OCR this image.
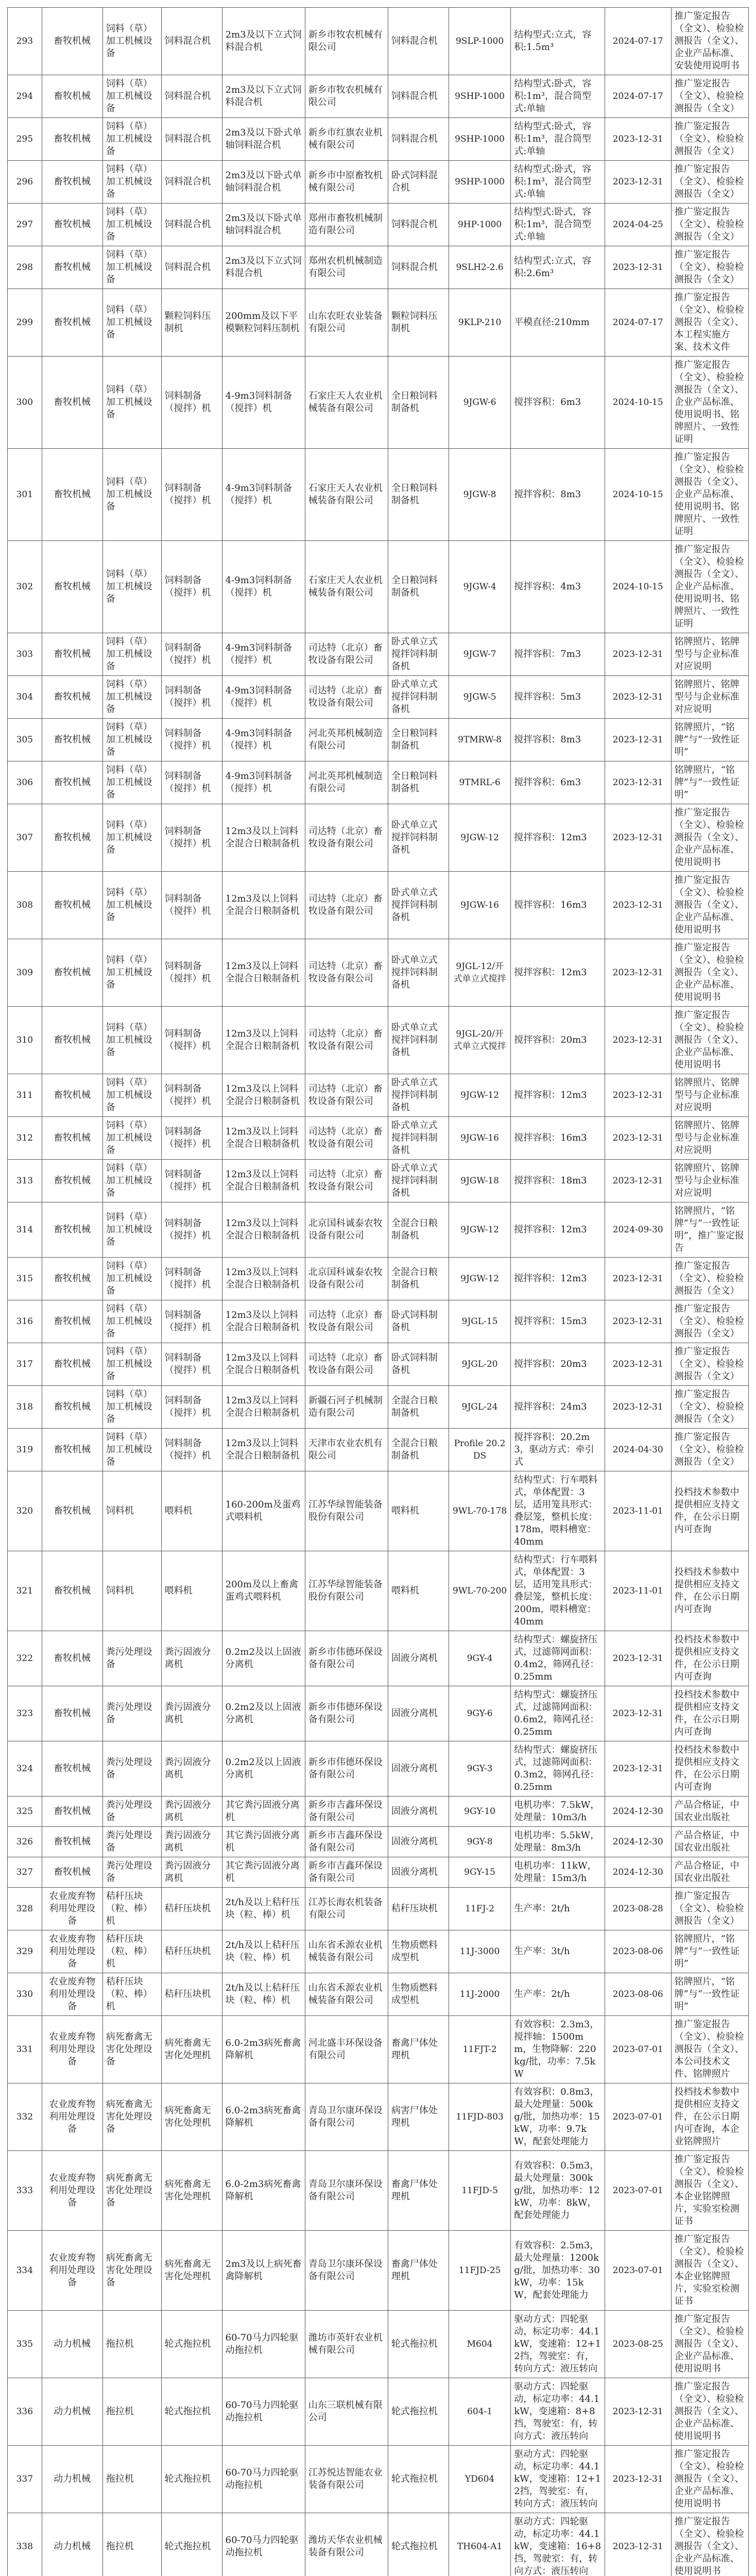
293	畜牧机械	饲料（草）加工机械设备	饲料混合机	2m3及以下立式饲料混合机	新乡市牧农机械有限公司	饲料混合机	9SLP-1000	结构型式:立式，容积:1.5m³	2024-07-17	推广鉴定报告（全文）、检验检测报告（全文）、企业产品标准、安装使用说明书
294	畜牧机械	饲料（草）加工机械设备	饲料混合机	2m3及以下立式饲料混合机	新乡市牧农机械有限公司	饲料混合机	9SHP-1000	结构型式:卧式，容积:1m³，混合筒型式:单轴	2024-07-17	推广鉴定报告（全文）、检验检测报告（全文）
295	畜牧机械	饲料（草）加工机械设备	饲料混合机	2m3及以下卧式单轴饲料混合机	新乡市红旗农业机械有限公司	饲料混合机	9SHP-1000	结构型式:卧式，容积:1m³，混合筒型式:单轴	2023-12-31	推广鉴定报告（全文）、检验检测报告（全文）
296	畜牧机械	饲料（草）加工机械设备	饲料混合机	2m3及以下卧式单轴饲料混合机	新乡市中原畜牧机械有限公司	卧式饲料混合机	9SHP-1000	结构型式:卧式，容积:1m³，混合筒型式:单轴	2023-12-31	推广鉴定报告（全文）、检验检测报告（全文）
297	畜牧机械	饲料（草）加工机械设备	饲料混合机	2m3及以下卧式单轴饲料混合机	郑州市畜牧机械制造有限公司	饲料混合机	9HP-1000	结构型式:卧式，容积:1m³，混合筒型式:单轴	2024-04-25	推广鉴定报告（全文）、检验检测报告（全文）
298	畜牧机械	饲料（草）加工机械设备	饲料混合机	2m3及以下立式饲料混合机	郑州农机机械制造有限公司	饲料混合机	9SLH2-2.6	结构型式:立式，容积:2.6m³	2023-12-31	推广鉴定报告（全文）、检验检测报告（全文）
299	畜牧机械	饲料（草）加工机械设备	颗粒饲料压制机	200mm及以下平模颗粒饲料压制机	山东农旺农业装备有限公司	颗粒饲料压制机	9KLP-210	平模直径:210mm	2024-07-17	推广鉴定报告（全文）、检验检测报告（全文）、本工程实施方案、技术文件
300	畜牧机械	饲料（草）加工机械设备	饲料制备（搅拌）机	4-9m3饲料制备（搅拌）机	石家庄天人农业机械装备有限公司	全日粮饲料制备机	9JGW-6	搅拌容积：6m3	2024-10-15	推广鉴定报告（全文）、检验检测报告（全文）、企业产品标准、使用说明书、铭牌照片、一致性证明
301	畜牧机械	饲料（草）加工机械设备	饲料制备（搅拌）机	4-9m3饲料制备（搅拌）机	石家庄天人农业机械装备有限公司	全日粮饲料制备机	9JGW-8	搅拌容积：8m3	2024-10-15	推广鉴定报告（全文）、检验检测报告（全文）、企业产品标准、使用说明书、铭牌照片、一致性证明
302	畜牧机械	饲料（草）加工机械设备	饲料制备（搅拌）机	4-9m3饲料制备（搅拌）机	石家庄天人农业机械装备有限公司	全日粮饲料制备机	9JGW-4	搅拌容积：4m3	2024-10-15	推广鉴定报告（全文）、检验检测报告（全文）、企业产品标准、使用说明书、铭牌照片、一致性证明
303	畜牧机械	饲料（草）加工机械设备	饲料制备（搅拌）机	4-9m3饲料制备（搅拌）机	司达特（北京）畜牧设备有限公司	卧式单立式搅拌饲料制备机	9JGW-7	搅拌容积：7m3	2023-12-31	铭牌照片、铭牌型号与企业标准对应说明
304	畜牧机械	饲料（草）加工机械设备	饲料制备（搅拌）机	4-9m3饲料制备（搅拌）机	司达特（北京）畜牧设备有限公司	卧式单立式搅拌饲料制备机	9JGW-5	搅拌容积：5m3	2023-12-31	铭牌照片、铭牌型号与企业标准对应说明
305	畜牧机械	饲料（草）加工机械设备	饲料制备（搅拌）机	4-9m3饲料制备（搅拌）机	河北英邦机械制造有限公司	全日粮饲料制备机	9TMRW-8	搅拌容积：8m3	2023-12-31	铭牌照片，“铭牌”与“一致性证明”
306	畜牧机械	饲料（草）加工机械设备	饲料制备（搅拌）机	4-9m3饲料制备（搅拌）机	河北英邦机械制造有限公司	全日粮饲料制备机	9TMRL-6	搅拌容积：6m3	2023-12-31	铭牌照片，“铭牌”与“一致性证明”
307	畜牧机械	饲料（草）加工机械设备	饲料制备（搅拌）机	12m3及以上饲料全混合日粮制备机	司达特（北京）畜牧设备有限公司	卧式单立式搅拌饲料制备机	9JGW-12	搅拌容积：12m3	2023-12-31	推广鉴定报告（全文）、检验检测报告（全文）、企业产品标准、使用说明书
308	畜牧机械	饲料（草）加工机械设备	饲料制备（搅拌）机	12m3及以上饲料全混合日粮制备机	司达特（北京）畜牧设备有限公司	卧式单立式搅拌饲料制备机	9JGW-16	搅拌容积：16m3	2023-12-31	推广鉴定报告（全文）、检验检测报告（全文）、企业产品标准、使用说明书
309	畜牧机械	饲料（草）加工机械设备	饲料制备（搅拌）机	12m3及以上饲料全混合日粮制备机	司达特（北京）畜牧设备有限公司	卧式单立式搅拌饲料制备机	9JGL-12/开式单立式搅拌	搅拌容积：12m3	2023-12-31	推广鉴定报告（全文）、检验检测报告（全文）、企业产品标准、使用说明书
310	畜牧机械	饲料（草）加工机械设备	饲料制备（搅拌）机	12m3及以上饲料全混合日粮制备机	司达特（北京）畜牧设备有限公司	卧式单立式搅拌饲料制备机	9JGL-20/开式单立式搅拌	搅拌容积：20m3	2023-12-31	推广鉴定报告（全文）、检验检测报告（全文）、企业产品标准、使用说明书
311	畜牧机械	饲料（草）加工机械设备	饲料制备（搅拌）机	12m3及以上饲料全混合日粮制备机	司达特（北京）畜牧设备有限公司	卧式单立式搅拌饲料制备机	9JGW-12	搅拌容积：12m3	2023-12-31	铭牌照片、铭牌型号与企业标准对应说明
312	畜牧机械	饲料（草）加工机械设备	饲料制备（搅拌）机	12m3及以上饲料全混合日粮制备机	司达特（北京）畜牧设备有限公司	卧式单立式搅拌饲料制备机	9JGW-16	搅拌容积：16m3	2023-12-31	铭牌照片、铭牌型号与企业标准对应说明
313	畜牧机械	饲料（草）加工机械设备	饲料制备（搅拌）机	12m3及以上饲料全混合日粮制备机	司达特（北京）畜牧设备有限公司	卧式单立式搅拌饲料制备机	9JGW-18	搅拌容积：18m3	2023-12-31	铭牌照片、铭牌型号与企业标准对应说明
314	畜牧机械	饲料（草）加工机械设备	饲料制备（搅拌）机	12m3及以上饲料全混合日粮制备机	北京国科诚泰农牧设备有限公司	全混合日粮制备机	9JGW-12	搅拌容积：12m3	2024-09-30	铭牌照片，“铭牌”与“一致性证明”，推广鉴定报告
315	畜牧机械	饲料（草）加工机械设备	饲料制备（搅拌）机	12m3及以上饲料全混合日粮制备机	北京国科诚泰农牧设备有限公司	全混合日粮制备机	9JGW-12	搅拌容积：12m3	2023-12-31	推广鉴定报告（全文）、检验检测报告（全文）
316	畜牧机械	饲料（草）加工机械设备	饲料制备（搅拌）机	12m3及以上饲料全混合日粮制备机	司达特（北京）畜牧设备有限公司	卧式饲料制备机	9JGL-15	搅拌容积：15m3	2023-12-31	推广鉴定报告（全文）、检验检测报告（全文）
317	畜牧机械	饲料（草）加工机械设备	饲料制备（搅拌）机	12m3及以上饲料全混合日粮制备机	司达特（北京）畜牧设备有限公司	卧式饲料制备机	9JGL-20	搅拌容积：20m3	2023-12-31	推广鉴定报告（全文）、检验检测报告（全文）
318	畜牧机械	饲料（草）加工机械设备	饲料制备（搅拌）机	12m3及以上饲料全混合日粮制备机	新疆石河子机械制造有限公司	全混合日粮制备机	9JGL-24	搅拌容积：24m3	2023-12-31	推广鉴定报告（全文）、检验检测报告（全文）
319	畜牧机械	饲料（草）加工机械设备	饲料制备（搅拌）机	12m3及以上饲料全混合日粮制备机	天津市农业农机有限公司	全混合日粮制备机	Profile 20.2 DS	搅拌容积：20.2m3，驱动方式：牵引式	2024-04-30	推广鉴定报告（全文）、检验检测报告（全文）
320	畜牧机械	饲料机	喂料机	160-200m及蛋鸡式喂料机	江苏华绿智能装备股份有限公司	喂料机	9WL-70-178	结构型式：行车喂料式，单体配置：3层，适用笼具形式：叠层笼，整机长度：178m，喂料槽宽：40mm	2023-11-01	投档技术参数中提供相应支持文件，在公示日期内可查询
321	畜牧机械	饲料机	喂料机	200m及以上畜禽蛋鸡式喂料机	江苏华绿智能装备股份有限公司	喂料机	9WL-70-200	结构型式：行车喂料式，单体配置：3层，适用笼具形式：叠层笼，整机长度：200m，喂料槽宽：40mm	2023-11-01	投档技术参数中提供相应支持文件，在公示日期内可查询
322	畜牧机械	粪污处理设备	粪污固液分离机	0.2m2及以上固液分离机	新乡市伟德环保设备有限公司	固液分离机	9GY-4	结构型式：螺旋挤压式，过滤筛网面积：0.4m2，筛网孔径：0.25mm	2023-12-31	投档技术参数中提供相应支持文件，在公示日期内可查询
323	畜牧机械	粪污处理设备	粪污固液分离机	0.2m2及以上固液分离机	新乡市伟德环保设备有限公司	固液分离机	9GY-6	结构型式：螺旋挤压式，过滤筛网面积：0.6m2，筛网孔径：0.25mm	2023-12-31	投档技术参数中提供相应支持文件，在公示日期内可查询
324	畜牧机械	粪污处理设备	粪污固液分离机	0.2m2及以上固液分离机	新乡市伟德环保设备有限公司	固液分离机	9GY-3	结构型式：螺旋挤压式，过滤筛网面积：0.3m2，筛网孔径：0.25mm	2023-12-31	投档技术参数中提供相应支持文件，在公示日期内可查询
325	畜牧机械	粪污处理设备	粪污固液分离机	其它粪污固液分离机	新乡市吉鑫环保设备有限公司	固液分离机	9GY-10	电机功率：7.5kW，处理量：10m3/h	2024-12-30	产品合格证，中国农业出版社
326	畜牧机械	粪污处理设备	粪污固液分离机	其它粪污固液分离机	新乡市吉鑫环保设备有限公司	固液分离机	9GY-8	电机功率：5.5kW，处理量：8m3/h	2024-12-30	产品合格证，中国农业出版社
327	畜牧机械	粪污处理设备	粪污固液分离机	其它粪污固液分离机	新乡市吉鑫环保设备有限公司	固液分离机	9GY-15	电机功率：11kW，处理量：15m3/h	2024-12-30	产品合格证，中国农业出版社
328	农业废弃物利用处理设备	秸秆压块（粒、棒）机	秸秆压块机	2t/h及以上秸秆压块（粒、棒）机	江苏长海农机装备有限公司	秸秆压块机	11FJ-2	生产率：2t/h	2023-08-28	推广鉴定报告（全文）、检验检测报告（全文）
329	农业废弃物利用处理设备	秸秆压块（粒、棒）机	秸秆压块机	2t/h及以上秸秆压块（粒、棒）机	山东省禾源农业机械装备有限公司	生物质燃料成型机	11J-3000	生产率：3t/h	2023-08-06	铭牌照片，“铭牌”与“一致性证明”
330	农业废弃物利用处理设备	秸秆压块（粒、棒）机	秸秆压块机	2t/h及以上秸秆压块（粒、棒）机	山东省禾源农业机械装备有限公司	生物质燃料成型机	11J-2000	生产率：2t/h	2023-08-06	铭牌照片，“铭牌”与“一致性证明”
331	农业废弃物利用处理设备	病死畜禽无害化处理设备	病死畜禽无害化处理机	6.0-2m3病死畜禽降解机	河北盛丰环保设备有限公司	畜禽尸体处理机	11FJT-2	有效容积：2.3m3，搅拌轴：1500mm，生物降解：220kg/批，功率：7.5kW	2023-07-01	推广鉴定报告（全文）、检验检测报告（全文）、本公司技术文件、铭牌照片
332	农业废弃物利用处理设备	病死畜禽无害化处理设备	病死畜禽无害化处理机	6.0-2m3病死畜禽降解机	青岛卫尔康环保设备有限公司	病害尸体处理机	11FJD-803	有效容积：0.8m3，最大处理量：500kg/批，加热功率：15kW，功率：9.7kW，配套处理能力	2023-07-01	投档技术参数中提供相应支持文件，在公示日期内可查询，本企业铭牌照片
333	农业废弃物利用处理设备	病死畜禽无害化处理设备	病死畜禽无害化处理机	6.0-2m3病死畜禽降解机	青岛卫尔康环保设备有限公司	畜禽尸体处理机	11FJD-5	有效容积：0.5m3，最大处理量：300kg/批，加热功率：12kW，功率：8kW，配套处理能力	2023-07-01	推广鉴定报告（全文）、检验检测报告（全文）、本企业铭牌照片，实验室检测证书
334	农业废弃物利用处理设备	病死畜禽无害化处理设备	病死畜禽无害化处理机	2m3及以上病死畜禽降解机	青岛卫尔康环保设备有限公司	畜禽尸体处理机	11FJD-25	有效容积：2.5m3，最大处理量：1200kg/批，加热功率：30kW，功率：15kW，配套处理能力	2023-07-01	推广鉴定报告（全文）、检验检测报告（全文）、本企业铭牌照片，实验室检测证书
335	动力机械	拖拉机	轮式拖拉机	60-70马力四轮驱动拖拉机	潍坊市英轩农业机械有限公司	轮式拖拉机	M604	驱动方式：四轮驱动，标定功率：44.1kW，变速箱：12+12挡，驾驶室：有，转向方式：液压转向	2023-08-25	推广鉴定报告（全文）、检验检测报告（全文）、企业产品标准、使用说明书
336	动力机械	拖拉机	轮式拖拉机	60-70马力四轮驱动拖拉机	山东三联机械有限公司	轮式拖拉机	604-1	驱动方式：四轮驱动，标定功率：44.1kW，变速箱：8+8挡，驾驶室：有，转向方式：液压转向	2023-12-31	推广鉴定报告（全文）、检验检测报告（全文）、企业产品标准、使用说明书
337	动力机械	拖拉机	轮式拖拉机	60-70马力四轮驱动拖拉机	江苏悦达智能农业装备有限公司	轮式拖拉机	YD604	驱动方式：四轮驱动，标定功率：44.1kW，变速箱：12+12挡，驾驶室：有，转向方式：液压转向	2023-12-31	推广鉴定报告（全文）、检验检测报告（全文）、企业产品标准、使用说明书
338	动力机械	拖拉机	轮式拖拉机	60-70马力四轮驱动拖拉机	潍坊天华农业机械装备有限公司	轮式拖拉机	TH604-A1	驱动方式：四轮驱动，标定功率：44.1kW，变速箱：16+8挡，驾驶室：有，转向方式：液压转向	2023-12-31	推广鉴定报告（全文）、检验检测报告（全文）、企业产品标准、使用说明书
